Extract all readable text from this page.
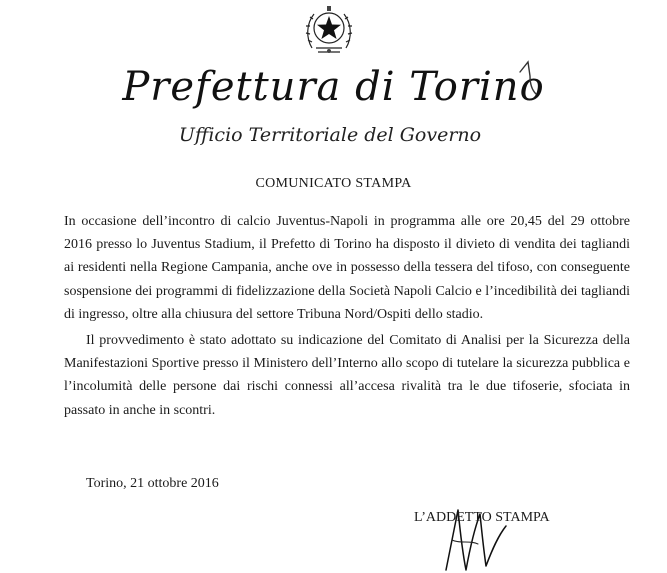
Prefettura di Torino
Ufficio Territoriale del Governo
COMUNICATO STAMPA

In occasione dell’incontro di calcio Juventus-Napoli in programma alle ore 20,45 del 29 ottobre 2016 presso lo Juventus Stadium, il Prefetto di Torino ha disposto il divieto di vendita dei tagliandi ai residenti nella Regione Campania, anche ove in possesso della tessera del tifoso, con conseguente sospensione dei programmi di fidelizzazione della Società Napoli Calcio e l’incedibilità dei tagliandi di ingresso, oltre alla chiusura del settore Tribuna Nord/Ospiti dello stadio.

Il provvedimento è stato adottato su indicazione del Comitato di Analisi per la Sicurezza della Manifestazioni Sportive presso il Ministero dell’Interno allo scopo di tutelare la sicurezza pubblica e l’incolumità delle persone dai rischi connessi all’accesa rivalità tra le due tifoserie, sfociata in passato in anche in scontri.

Torino, 21 ottobre 2016
L’ADDETTO STAMPA
